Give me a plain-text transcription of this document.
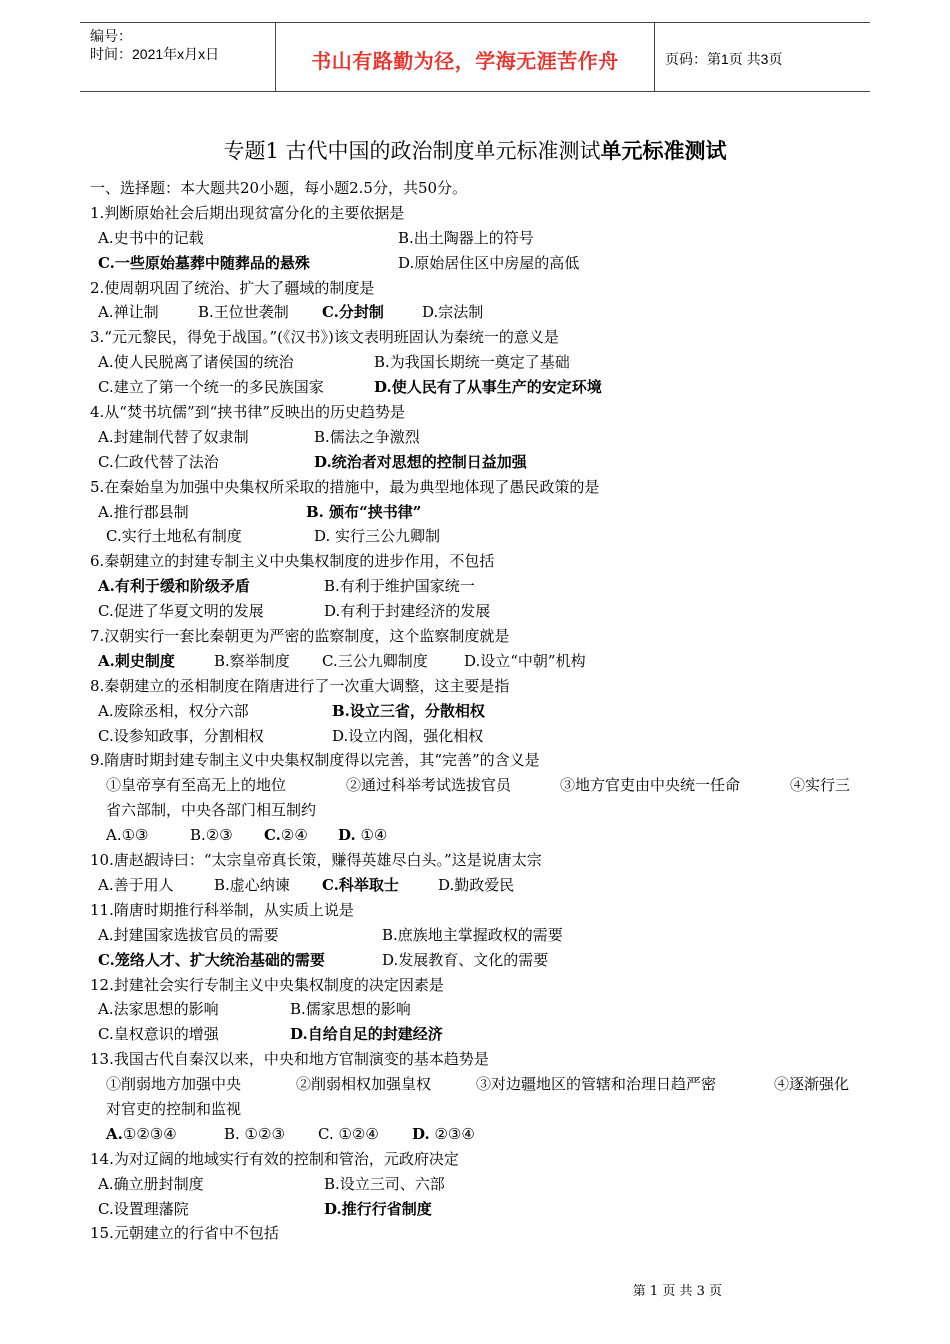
编号：
时间：2021年x月x日	书山有路勤为径，学海无涯苦作舟	页码：第1页 共3页
专题1 古代中国的政治制度单元标准测试单元标准测试
一、选择题：本大题共20小题，每小题2.5分，共50分。
1.判断原始社会后期出现贫富分化的主要依据是
A.史书中的记载	B.出土陶器上的符号
C.一些原始墓葬中随葬品的悬殊	D.原始居住区中房屋的高低
2.使周朝巩固了统治、扩大了疆域的制度是
A.禅让制	B.王位世袭制 C.分封制	D.宗法制
3.“元元黎民，得免于战国。”(《汉书》)该文表明班固认为秦统一的意义是
A.使人民脱离了诸侯国的统治	B.为我国长期统一奠定了基础
C.建立了第一个统一的多民族国家	D.使人民有了从事生产的安定环境
4.从“焚书坑儒”到“挟书律”反映出的历史趋势是
A.封建制代替了奴隶制	B.儒法之争激烈
C.仁政代替了法治	D.统治者对思想的控制日益加强
5.在秦始皇为加强中央集权所采取的措施中，最为典型地体现了愚民政策的是
A.推行郡县制	B. 颁布“挟书律”
C.实行土地私有制度	D. 实行三公九卿制
6.秦朝建立的封建专制主义中央集权制度的进步作用，不包括
A.有利于缓和阶级矛盾	B.有利于维护国家统一
C.促进了华夏文明的发展	D.有利于封建经济的发展
7.汉朝实行一套比秦朝更为严密的监察制度，这个监察制度就是
A.刺史制度	B.察举制度 C.三公九卿制度 D.设立“中朝”机构
8.秦朝建立的丞相制度在隋唐进行了一次重大调整，这主要是指
A.废除丞相，权分六部	B.设立三省，分散相权
C.设参知政事，分割相权	D.设立内阁，强化相权
9.隋唐时期封建专制主义中央集权制度得以完善，其“完善”的含义是
①皇帝享有至高无上的地位	②通过科举考试选拔官员	③地方官吏由中央统一任命	④实行三
省六部制，中央各部门相互制约
A.①③	B.②③ C.②④ D. ①④
10.唐赵嘏诗曰：“太宗皇帝真长策，赚得英雄尽白头。”这是说唐太宗
A.善于用人	B.虚心纳谏 C.科举取士	D.勤政爱民
11.隋唐时期推行科举制，从实质上说是
A.封建国家选拔官员的需要	B.庶族地主掌握政权的需要
C.笼络人才、扩大统治基础的需要	D.发展教育、文化的需要
12.封建社会实行专制主义中央集权制度的决定因素是
A.法家思想的影响	B.儒家思想的影响
C.皇权意识的增强	D.自给自足的封建经济
13.我国古代自秦汉以来，中央和地方官制演变的基本趋势是
①削弱地方加强中央	②削弱相权加强皇权	③对边疆地区的管辖和治理日趋严密	④逐渐强化
对官吏的控制和监视
A.①②③④	B. ①②③ C. ①②④ D. ②③④
14.为对辽阔的地域实行有效的控制和管治，元政府决定
A.确立册封制度	B.设立三司、六部
C.设置理藩院	D.推行行省制度
15.元朝建立的行省中不包括
第 1 页 共 3 页
